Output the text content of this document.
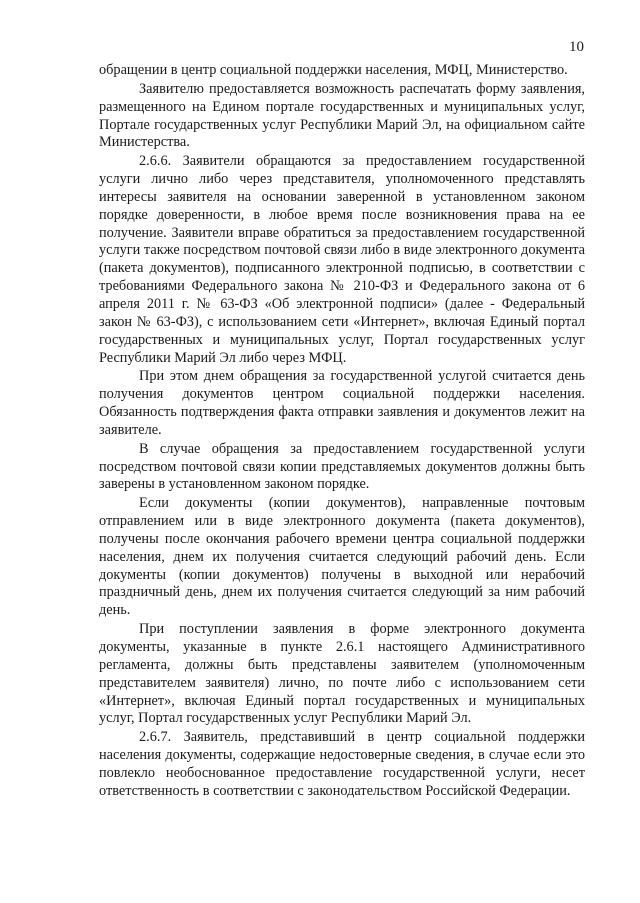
10

обращении в центр социальной поддержки населения, МФЦ, Министерство.

Заявителю предоставляется возможность распечатать форму заявления, размещенного на Едином портале государственных и муниципальных услуг, Портале государственных услуг Республики Марий Эл, на официальном сайте Министерства.

2.6.6. Заявители обращаются за предоставлением государственной услуги лично либо через представителя, уполномоченного представлять интересы заявителя на основании заверенной в установленном законом порядке доверенности, в любое время после возникновения права на ее получение. Заявители вправе обратиться за предоставлением государственной услуги также посредством почтовой связи либо в виде электронного документа (пакета документов), подписанного электронной подписью, в соответствии с требованиями Федерального закона № 210-ФЗ и Федерального закона от 6 апреля 2011 г. № 63-ФЗ «Об электронной подписи» (далее - Федеральный закон № 63-ФЗ), с использованием сети «Интернет», включая Единый портал государственных и муниципальных услуг, Портал государственных услуг Республики Марий Эл либо через МФЦ.

При этом днем обращения за государственной услугой считается день получения документов центром социальной поддержки населения. Обязанность подтверждения факта отправки заявления и документов лежит на заявителе.

В случае обращения за предоставлением государственной услуги посредством почтовой связи копии представляемых документов должны быть заверены в установленном законом порядке.

Если документы (копии документов), направленные почтовым отправлением или в виде электронного документа (пакета документов), получены после окончания рабочего времени центра социальной поддержки населения, днем их получения считается следующий рабочий день. Если документы (копии документов) получены в выходной или нерабочий праздничный день, днем их получения считается следующий за ним рабочий день.

При поступлении заявления в форме электронного документа документы, указанные в пункте 2.6.1 настоящего Административного регламента, должны быть представлены заявителем (уполномоченным представителем заявителя) лично, по почте либо с использованием сети «Интернет», включая Единый портал государственных и муниципальных услуг, Портал государственных услуг Республики Марий Эл.

2.6.7. Заявитель, представивший в центр социальной поддержки населения документы, содержащие недостоверные сведения, в случае если это повлекло необоснованное предоставление государственной услуги, несет ответственность в соответствии с законодательством Российской Федерации.
